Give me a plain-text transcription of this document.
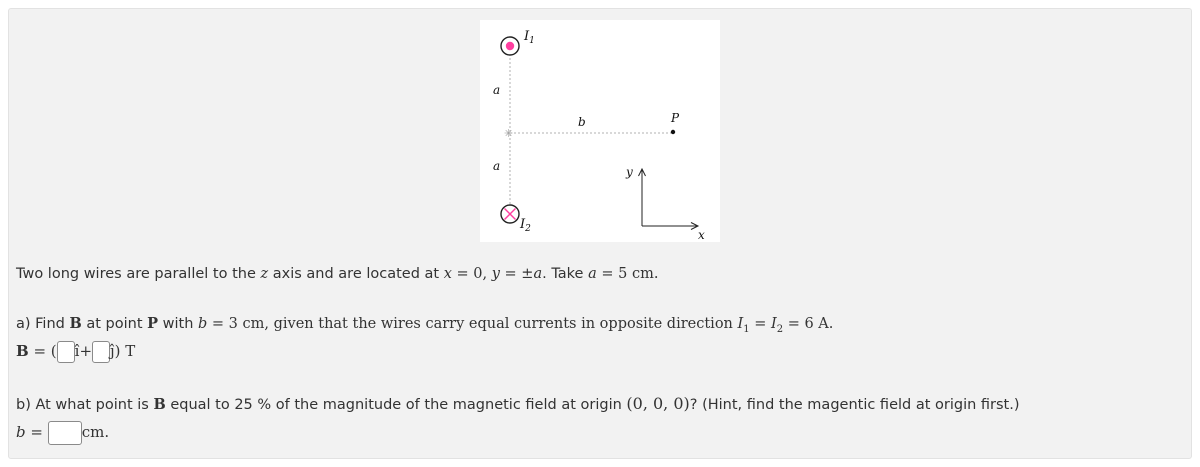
✳
$I_1$
$I_2$
a
a
b	P
y
x
Two long wires are parallel to the z axis and are located at x = 0, y = ±a. Take a = 5 cm.
a) Find B at point P with b = 3 cm, given that the wires carry equal currents in opposite direction $I_1 = I_2 = 6$ A.
B = ( î+ ĵ) T
b) At what point is B equal to 25 % of the magnitude of the magnetic field at origin (0, 0, 0)? (Hint, find the magentic field at origin first.)
b = cm.
